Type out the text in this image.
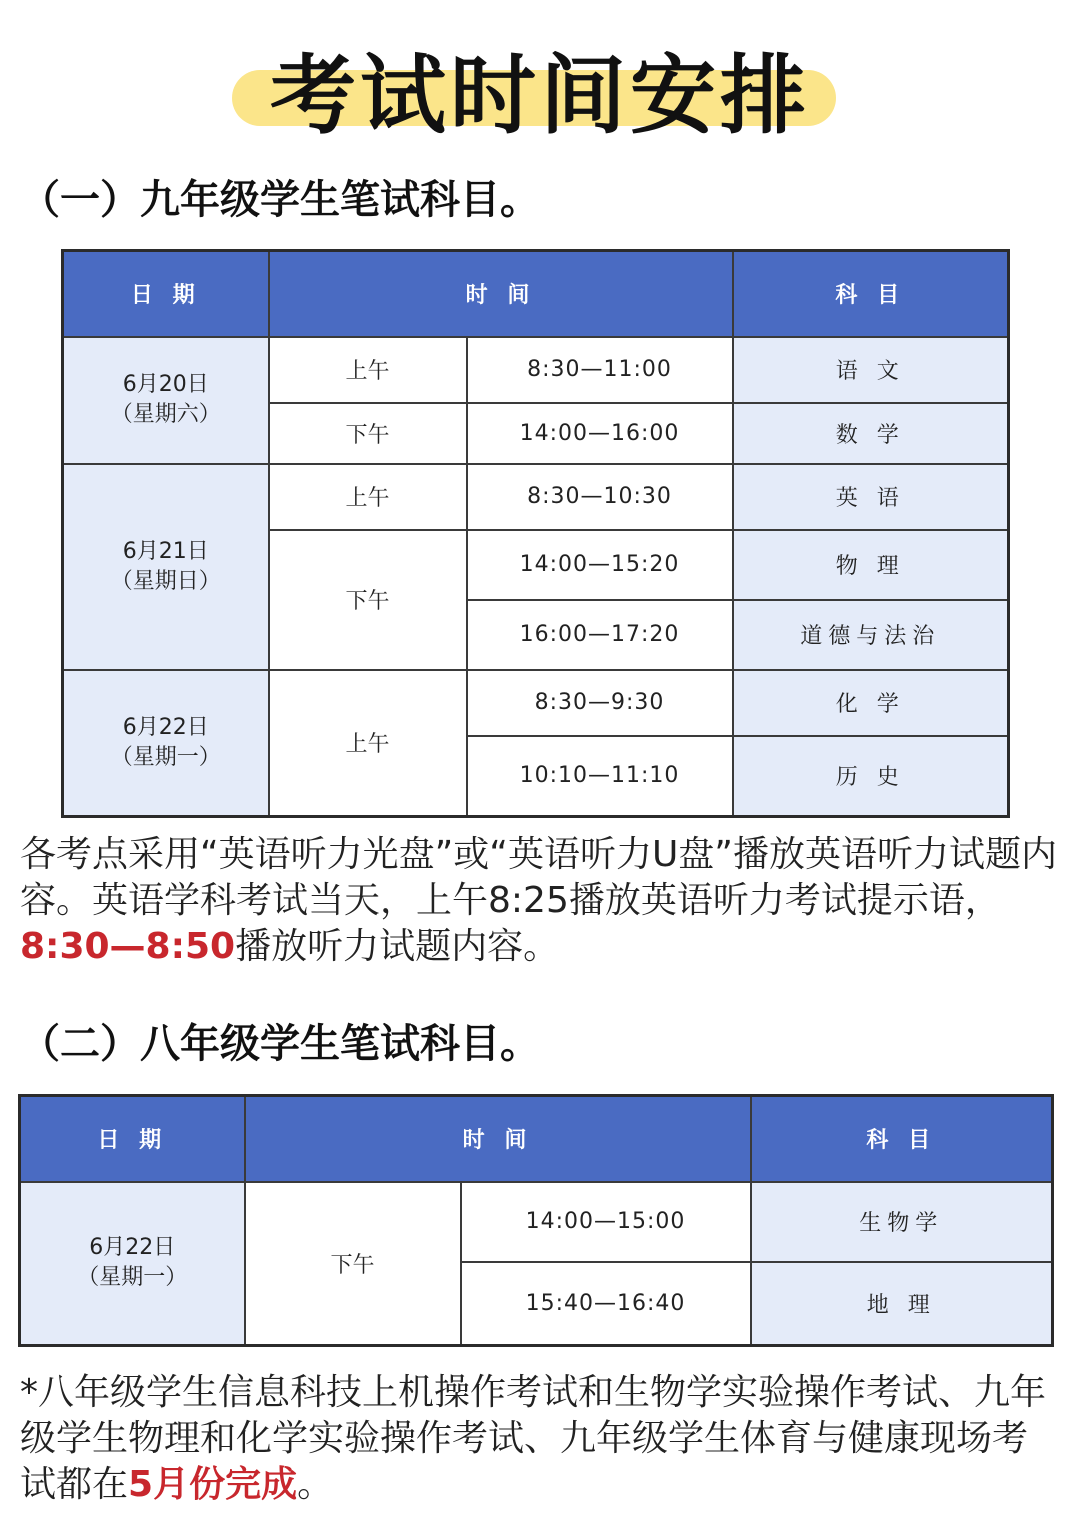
考试时间安排
（一）九年级学生笔试科目。
日 期	时 间		科 目

6月20日
（星期六）	上午	8:30—11:00	语 文
	下午	14:00—16:00	数 学

6月21日
（星期日）	上午	8:30—10:30	英 语
	下午	14:00—15:20	物 理
		16:00—17:20	道德与法治

6月22日
（星期一）	上午	8:30—9:30	化 学
		10:10—11:10	历 史
各考点采用“英语听力光盘”或“英语听力U盘”播放英语听力试题内容。英语学科考试当天，上午8:25播放英语听力考试提示语，8:30—8:50播放听力试题内容。
（二）八年级学生笔试科目。
日 期	时 间		科 目

6月22日
（星期一）	下午	14:00—15:00	生物学
		15:40—16:40	地 理
*八年级学生信息科技上机操作考试和生物学实验操作考试、九年级学生物理和化学实验操作考试、九年级学生体育与健康现场考试都在5月份完成。
